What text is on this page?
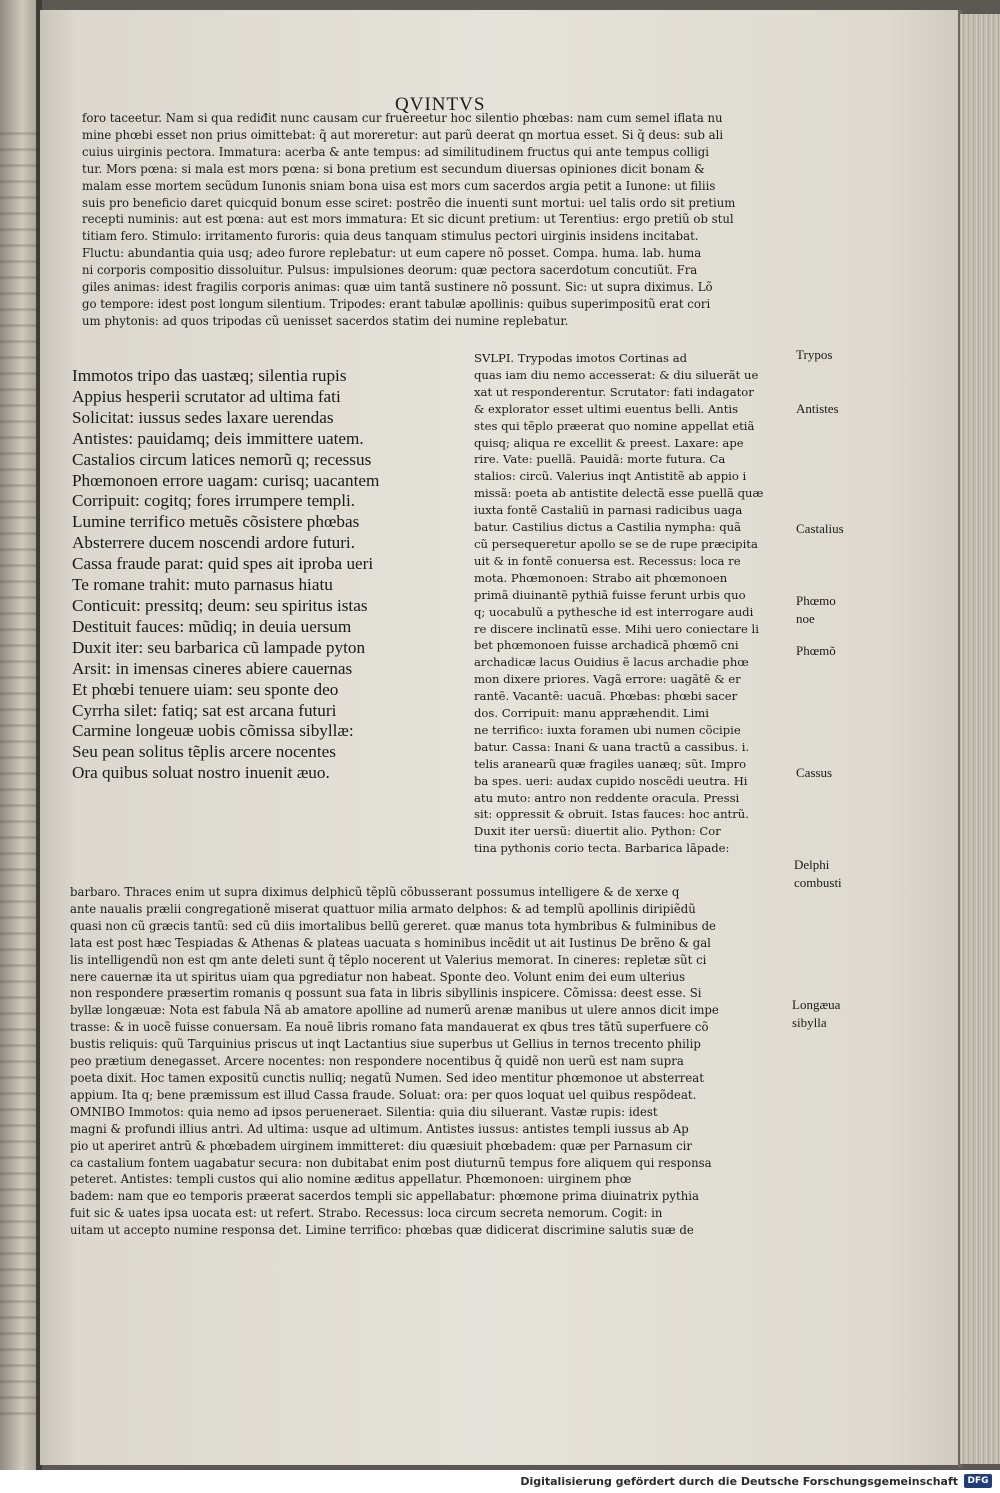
QVINTVS
foro taceetur. Nam si qua rediđit nunc causam cur fruereetur hoc silentio phœbas: nam cum semel iflata nu
mine phœbi esset non prius oimittebat: q̃ aut moreretur: aut parũ deerat qn mortua esset. Si q̃ deus: sub ali
cuius uirginis pectora. Immatura: acerba & ante tempus: ad similitudinem fructus qui ante tempus colligi
tur. Mors pœna: si mala est mors pœna: si bona pretium est secundum diuersas opiniones dicit bonam &
malam esse mortem secũdum Iunonis sniam bona uisa est mors cum sacerdos argia petit a Iunone: ut filiis
suis pro beneficio daret quicquid bonum esse sciret: postrẽo die inuenti sunt mortui: uel talis ordo sit pretium
recepti numinis: aut est pœna: aut est mors immatura: Et sic dicunt pretium: ut Terentius: ergo pretiũ ob stul
titiam fero. Stimulo: irritamento furoris: quia deus tanquam stimulus pectori uirginis insidens incitabat.
Fluctu: abundantia quia usq; adeo furore replebatur: ut eum capere nõ posset. Compa. huma. lab. huma
ni corporis compositio dissoluitur. Pulsus: impulsiones deorum: quæ pectora sacerdotum concutiũt. Fra
giles animas: idest fragilis corporis animas: quæ uim tantã sustinere nõ possunt. Sic: ut supra diximus. Lõ
go tempore: idest post longum silentium. Tripodes: erant tabulæ apollinis: quibus superimpositũ erat cori
um phytonis: ad quos tripodas cũ uenisset sacerdos statim dei numine replebatur.
Immotos tripo das uastæq; silentia rupis
Appius hesperii scrutator ad ultima fati
Solicitat: iussus sedes laxare uerendas
Antistes: pauidamq; deis immittere uatem.
Castalios circum latices nemorũ q; recessus
Phœmonoen errore uagam: curisq; uacantem
Corripuit: cogitq; fores irrumpere templi.
Lumine terrifico metuẽs cõsistere phœbas
Absterrere ducem noscendi ardore futuri.
Cassa fraude parat: quid spes ait iproba ueri
Te romane trahit: muto parnasus hiatu
Conticuit: pressitq; deum: seu spiritus istas
Destituit fauces: mũdiq; in deuia uersum
Duxit iter: seu barbarica cũ lampade pyton
Arsit: in imensas cineres abiere cauernas
Et phœbi tenuere uiam: seu sponte deo
Cyrrha silet: fatiq; sat est arcana futuri
Carmine longeuæ uobis cõmissa sibyllæ:
Seu pean solitus tẽplis arcere nocentes
Ora quibus soluat nostro inuenit æuo.
SVLPI. Trypodas imotos Cortinas ad
quas iam diu nemo accesserat: & diu siluerãt ue
xat ut responderentur. Scrutator: fati indagator
& explorator esset ultimi euentus belli. Antis
stes qui tẽplo præerat quo nomine appellat etiã
quisq; aliqua re excellit & preest. Laxare: ape
rire. Vate: puellã. Pauidã: morte futura. Ca
stalios: circũ. Valerius inqt Antistitẽ ab appio i
missã: poeta ab antistite delectã esse puellã quæ
iuxta fontẽ Castaliũ in parnasi radicibus uaga
batur. Castilius dictus a Castilia nympha: quã
cũ persequeretur apollo se se de rupe præcipita
uit & in fontẽ conuersa est. Recessus: loca re
mota. Phœmonoen: Strabo ait phœmonoen
primã diuinantẽ pythiã fuisse ferunt urbis quo
q; uocabulũ a pythesche id est interrogare audi
re discere inclinatũ esse. Mihi uero coniectare li
bet phœmonoen fuisse archadicã phœmõ cni
archadicæ lacus Ouidius ẽ lacus archadie phœ
mon dixere priores. Vagã errore: uagãtẽ & er
rantẽ. Vacantẽ: uacuã. Phœbas: phœbi sacer
dos. Corripuit: manu appræhendit. Limi
ne terrifico: iuxta foramen ubi numen cõcipie
batur. Cassa: Inani & uana tractũ a cassibus. i.
telis aranearũ quæ fragiles uanæq; sũt. Impro
ba spes. ueri: audax cupido noscẽdi ueutra. Hi
atu muto: antro non reddente oracula. Pressi
sit: oppressit & obruit. Istas fauces: hoc antrũ.
Duxit iter uersũ: diuertit alio. Python: Cor
tina pythonis corio tecta. Barbarica lãpade:
barbaro. Thraces enim ut supra diximus delphicũ tẽplũ cõbusserant possumus intelligere & de xerxe q
ante naualis prælii congregationẽ miserat quattuor milia armato delphos: & ad templũ apollinis diripiẽdũ
quasi non cũ græcis tantũ: sed cũ diis imortalibus bellũ gereret. quæ manus tota hymbribus & fulminibus de
lata est post hæc Tespiadas & Athenas & plateas uacuata s hominibus incẽdit ut ait Iustinus De brẽno & gal
lis intelligendũ non est qm ante deleti sunt q̃ tẽplo nocerent ut Valerius memorat. In cineres: repletæ sũt ci
nere cauernæ ita ut spiritus uiam qua pgrediatur non habeat. Sponte deo. Volunt enim dei eum ulterius
non respondere præsertim romanis q possunt sua fata in libris sibyllinis inspicere. Cõmissa: deest esse. Si
byllæ longæuæ: Nota est fabula Nã ab amatore apolline ad numerũ arenæ manibus ut ulere annos dicit impe
trasse: & in uocẽ fuisse conuersam. Ea nouẽ libris romano fata mandauerat ex qbus tres tãtũ superfuere cõ
bustis reliquis: quũ Tarquinius priscus ut inqt Lactantius siue superbus ut Gellius in ternos trecento philip
peo prætium denegasset. Arcere nocentes: non respondere nocentibus q̃ quidẽ non uerũ est nam supra
poeta dixit. Hoc tamen expositũ cunctis nulliq; negatũ Numen. Sed ideo mentitur phœmonoe ut absterreat
appium. Ita q; bene præmissum est illud Cassa fraude. Soluat: ora: per quos loquat uel quibus respõdeat.
OMNIBO Immotos: quia nemo ad ipsos perueneraet. Silentia: quia diu siluerant. Vastæ rupis: idest
magni & profundi illius antri. Ad ultima: usque ad ultimum. Antistes iussus: antistes templi iussus ab Ap
pio ut aperiret antrũ & phœbadem uirginem immitteret: diu quæsiuit phœbadem: quæ per Parnasum cir
ca castalium fontem uagabatur secura: non dubitabat enim post diuturnũ tempus fore aliquem qui responsa
peteret. Antistes: templi custos qui alio nomine æditus appellatur. Phœmonoen: uirginem phœ
badem: nam que eo temporis præerat sacerdos templi sic appellabatur: phœmone prima diuinatrix pythia
fuit sic & uates ipsa uocata est: ut refert. Strabo. Recessus: loca circum secreta nemorum. Cogit: in
uitam ut accepto numine responsa det. Limine terrifico: phœbas quæ didicerat discrimine salutis suæ de
Trypos
Antistes
Castalius
Phœmo noe
Phœmõ
Cassus
Delphi combusti
Longæua sibylla
Digitalisierung gefördert durch die Deutsche Forschungsgemeinschaft	DFG
